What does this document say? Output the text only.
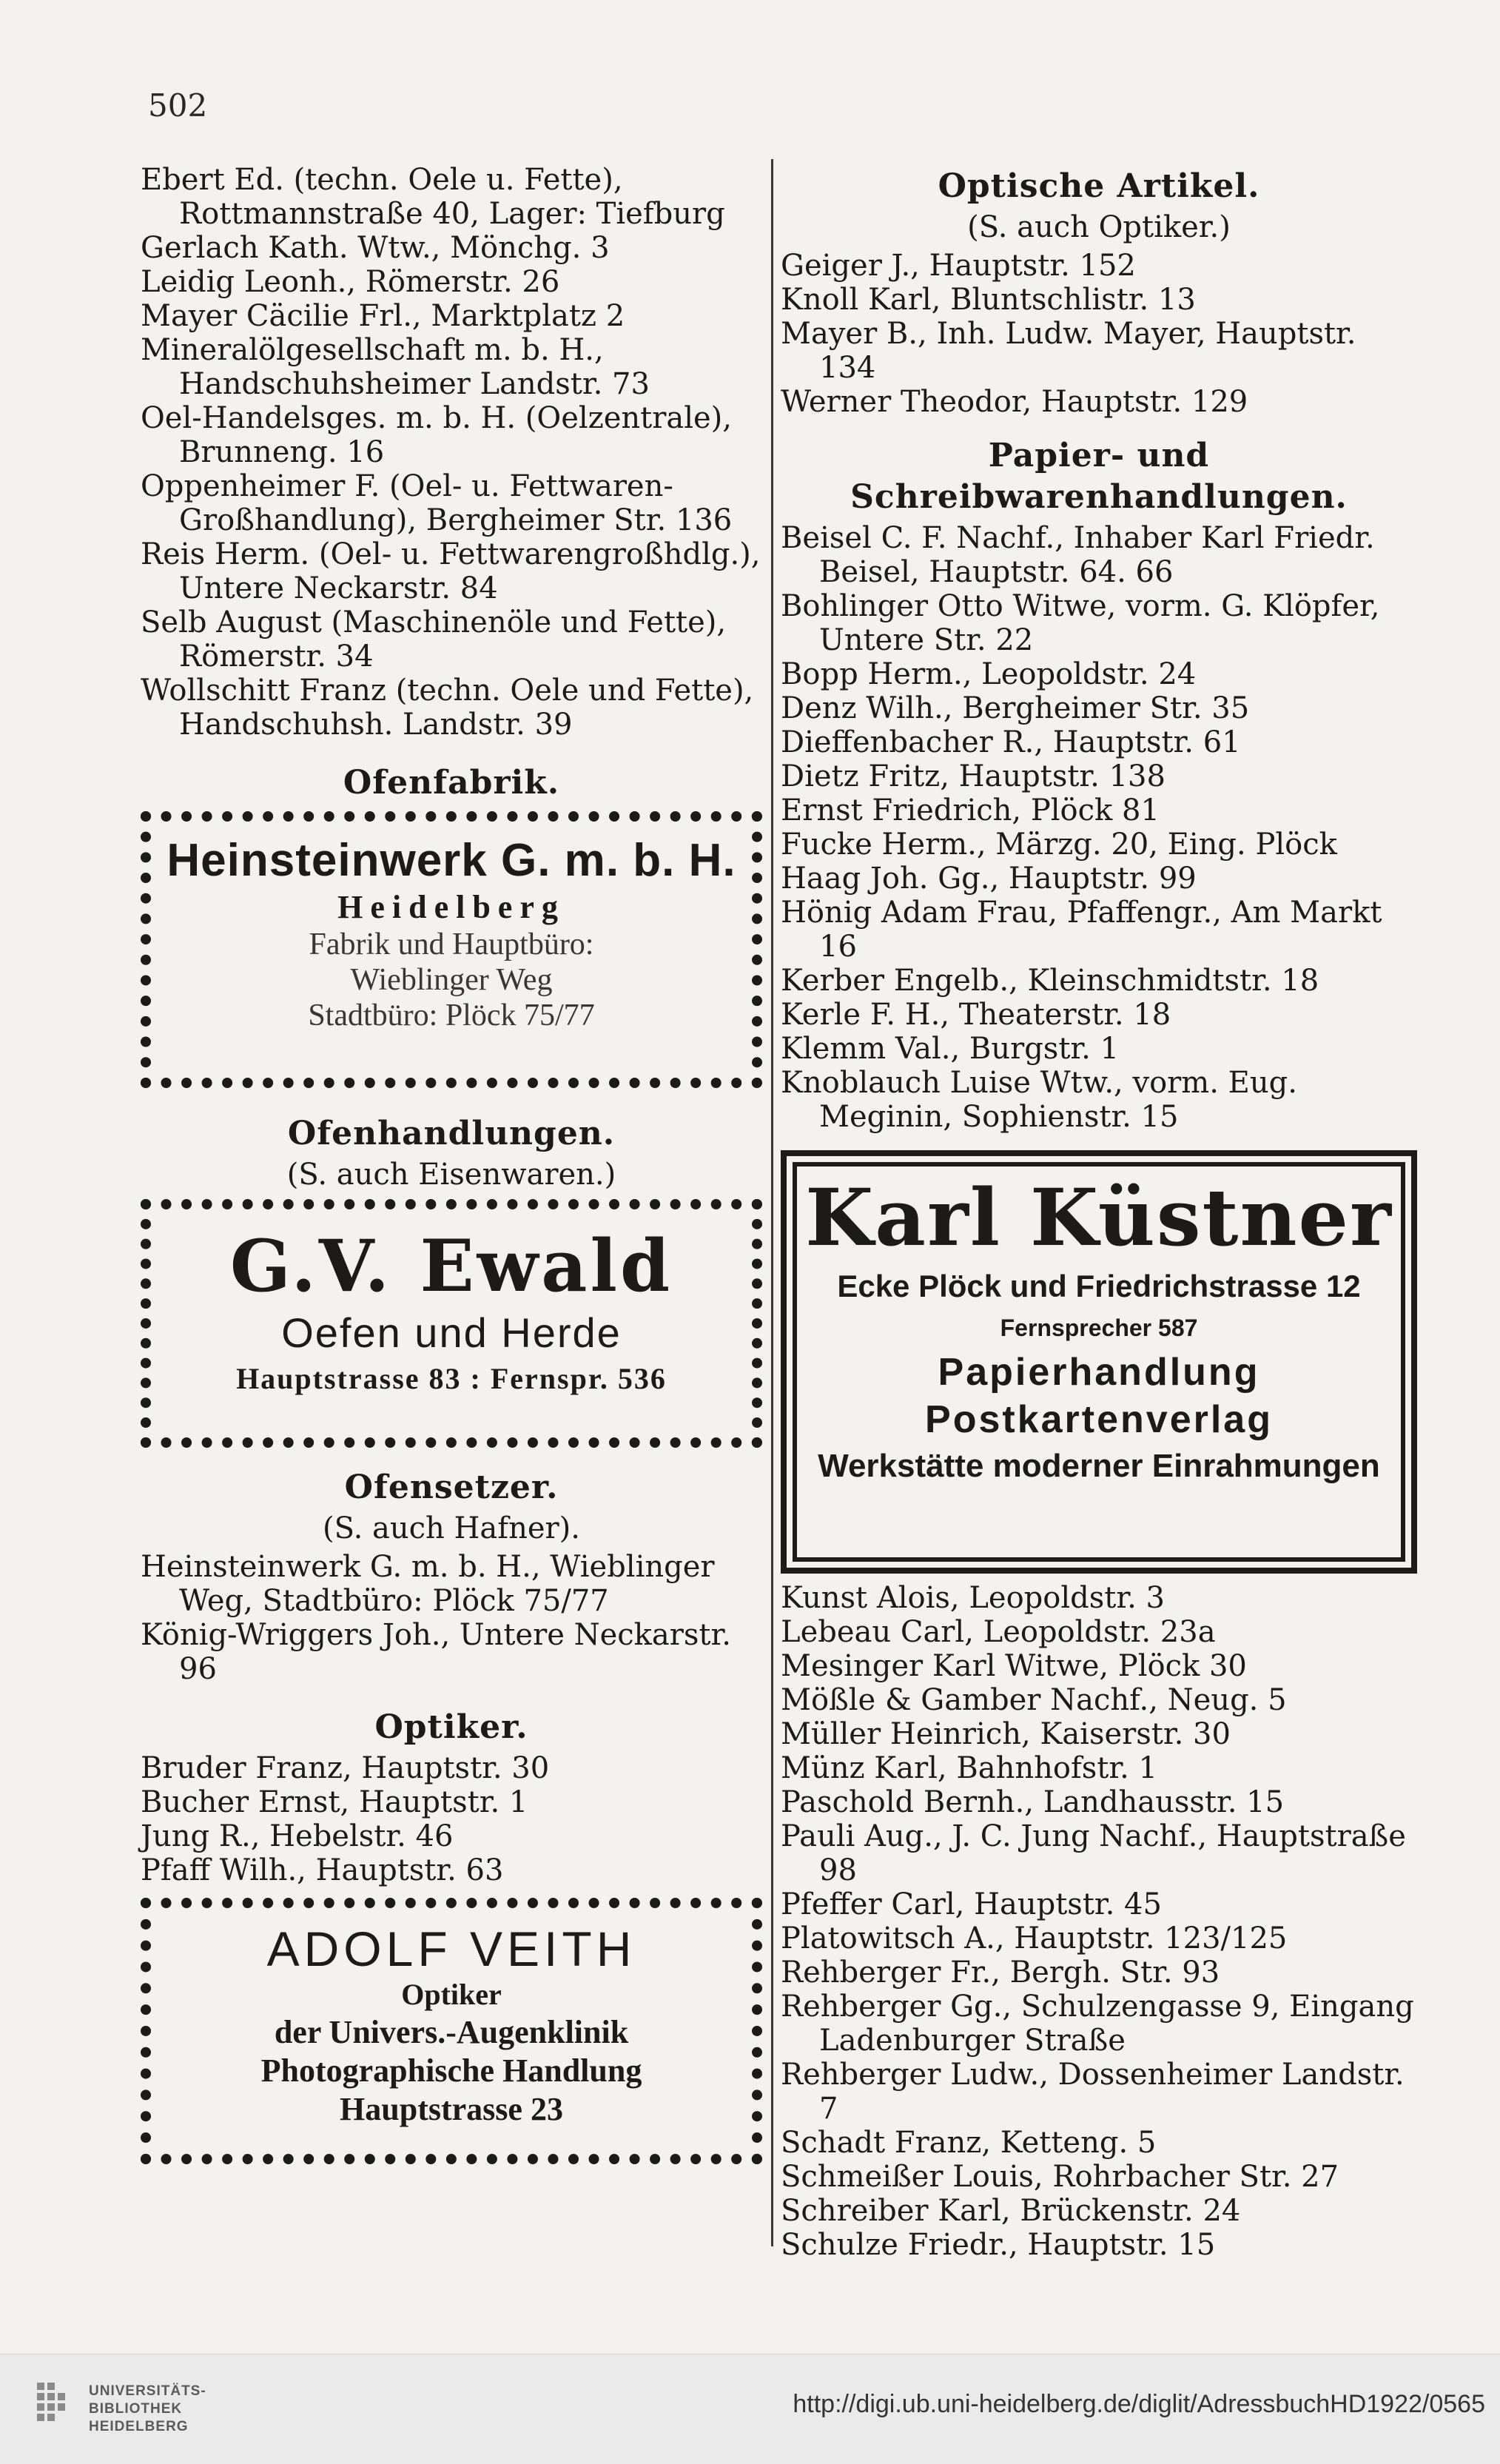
502

Ebert Ed. (techn. Oele u. Fette), Rottmannstraße 40, Lager: Tiefburg

Gerlach Kath. Wtw., Mönchg. 3

Leidig Leonh., Römerstr. 26

Mayer Cäcilie Frl., Marktplatz 2

Mineralölgesellschaft m. b. H., Handschuhsheimer Landstr. 73

Oel-Handelsges. m. b. H. (Oelzentrale), Brunneng. 16

Oppenheimer F. (Oel- u. Fettwaren-Großhandlung), Bergheimer Str. 136

Reis Herm. (Oel- u. Fettwarengroßhdlg.), Untere Neckarstr. 84

Selb August (Maschinenöle und Fette), Römerstr. 34

Wollschitt Franz (techn. Oele und Fette), Handschuhsh. Landstr. 39

Ofenfabrik.

Heinsteinwerk G. m. b. H.

Heidelberg

Fabrik und Hauptbüro:

Wieblinger Weg

Stadtbüro: Plöck 75/77

Ofenhandlungen.
(S. auch Eisenwaren.)

G.V. Ewald

Oefen und Herde

Hauptstrasse 83 : Fernspr. 536

Ofensetzer.
(S. auch Hafner).

Heinsteinwerk G. m. b. H., Wieblinger Weg, Stadtbüro: Plöck 75/77

König-Wriggers Joh., Untere Neckarstr. 96

Optiker.

Bruder Franz, Hauptstr. 30

Bucher Ernst, Hauptstr. 1

Jung R., Hebelstr. 46

Pfaff Wilh., Hauptstr. 63

ADOLF VEITH

Optiker

der Univers.-Augenklinik

Photographische Handlung

Hauptstrasse 23

Optische Artikel.
(S. auch Optiker.)

Geiger J., Hauptstr. 152

Knoll Karl, Bluntschlistr. 13

Mayer B., Inh. Ludw. Mayer, Hauptstr. 134

Werner Theodor, Hauptstr. 129

Papier- und Schreibwarenhandlungen.

Beisel C. F. Nachf., Inhaber Karl Friedr. Beisel, Hauptstr. 64. 66

Bohlinger Otto Witwe, vorm. G. Klöpfer, Untere Str. 22

Bopp Herm., Leopoldstr. 24

Denz Wilh., Bergheimer Str. 35

Dieffenbacher R., Hauptstr. 61

Dietz Fritz, Hauptstr. 138

Ernst Friedrich, Plöck 81

Fucke Herm., Märzg. 20, Eing. Plöck

Haag Joh. Gg., Hauptstr. 99

Hönig Adam Frau, Pfaffengr., Am Markt 16

Kerber Engelb., Kleinschmidtstr. 18

Kerle F. H., Theaterstr. 18

Klemm Val., Burgstr. 1

Knoblauch Luise Wtw., vorm. Eug. Meginin, Sophienstr. 15

Karl Küstner

Ecke Plöck und Friedrichstrasse 12

Fernsprecher 587

Papierhandlung

Postkartenverlag

Werkstätte moderner Einrahmungen

Kunst Alois, Leopoldstr. 3

Lebeau Carl, Leopoldstr. 23a

Mesinger Karl Witwe, Plöck 30

Mößle & Gamber Nachf., Neug. 5

Müller Heinrich, Kaiserstr. 30

Münz Karl, Bahnhofstr. 1

Paschold Bernh., Landhausstr. 15

Pauli Aug., J. C. Jung Nachf., Hauptstraße 98

Pfeffer Carl, Hauptstr. 45

Platowitsch A., Hauptstr. 123/125

Rehberger Fr., Bergh. Str. 93

Rehberger Gg., Schulzengasse 9, Eingang Ladenburger Straße

Rehberger Ludw., Dossenheimer Landstr. 7

Schadt Franz, Ketteng. 5

Schmeißer Louis, Rohrbacher Str. 27

Schreiber Karl, Brückenstr. 24

Schulze Friedr., Hauptstr. 15

UNIVERSITÄTS-
BIBLIOTHEK
HEIDELBERG
http://digi.ub.uni-heidelberg.de/diglit/AdressbuchHD1922/0565
